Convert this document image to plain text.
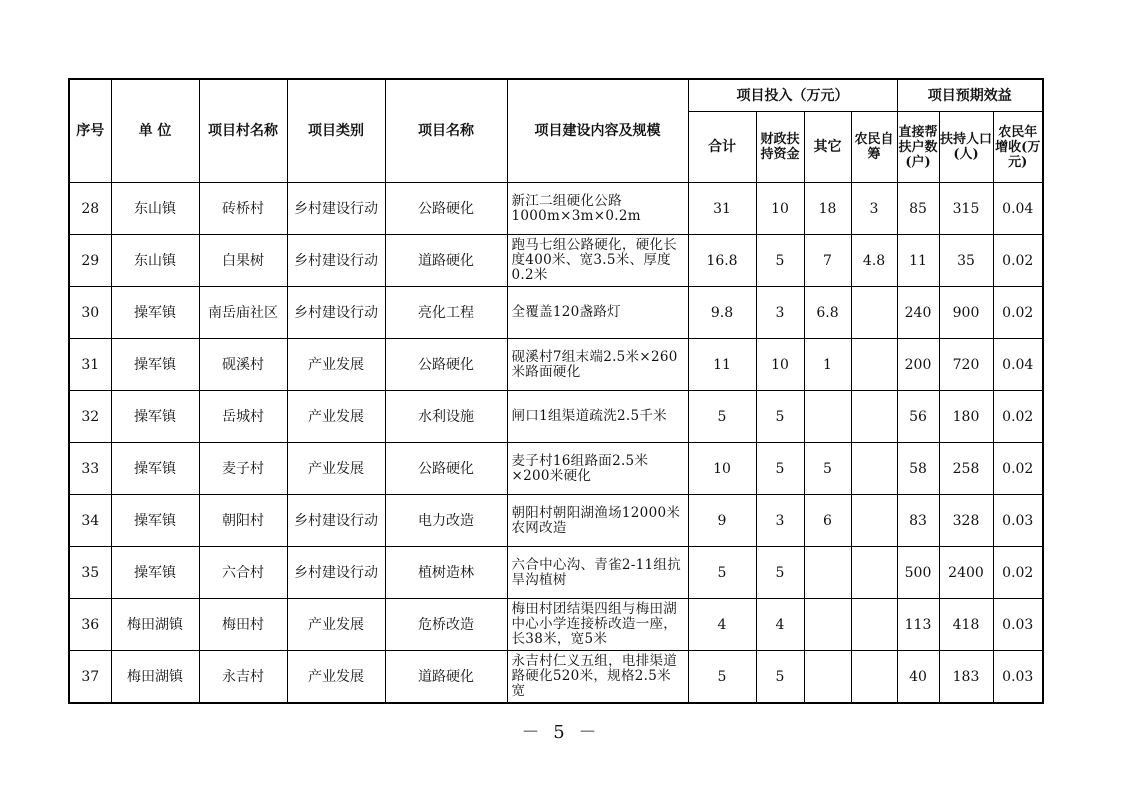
序号	单 位	项目村名称	项目类别	项目名称	项目建设内容及规模	项目投入（万元）				项目预期效益		
						合计	财政扶持资金	其它	农民自筹	直接帮扶户数(户)	扶持人口(人)	农民年增收(万元)
28	东山镇	砖桥村	乡村建设行动	公路硬化	新江二组硬化公路1000m×3m×0.2m	31	10	18	3	85	315	0.04
29	东山镇	白果树	乡村建设行动	道路硬化	跑马七组公路硬化，硬化长度400米、宽3.5米、厚度0.2米	16.8	5	7	4.8	11	35	0.02
30	操军镇	南岳庙社区	乡村建设行动	亮化工程	全覆盖120盏路灯	9.8	3	6.8		240	900	0.02
31	操军镇	砚溪村	产业发展	公路硬化	砚溪村7组末端2.5米×260米路面硬化	11	10	1		200	720	0.04
32	操军镇	岳城村	产业发展	水利设施	闸口1组渠道疏洗2.5千米	5	5			56	180	0.02
33	操军镇	麦子村	产业发展	公路硬化	麦子村16组路面2.5米×200米硬化	10	5	5		58	258	0.02
34	操军镇	朝阳村	乡村建设行动	电力改造	朝阳村朝阳湖渔场12000米农网改造	9	3	6		83	328	0.03
35	操军镇	六合村	乡村建设行动	植树造林	六合中心沟、青雀2-11组抗旱沟植树	5	5			500	2400	0.02
36	梅田湖镇	梅田村	产业发展	危桥改造	梅田村团结渠四组与梅田湖中心小学连接桥改造一座，长38米，宽5米	4	4			113	418	0.03
37	梅田湖镇	永吉村	产业发展	道路硬化	永吉村仁义五组，电排渠道路硬化520米，规格2.5米宽	5	5			40	183	0.03
－ 5 －
